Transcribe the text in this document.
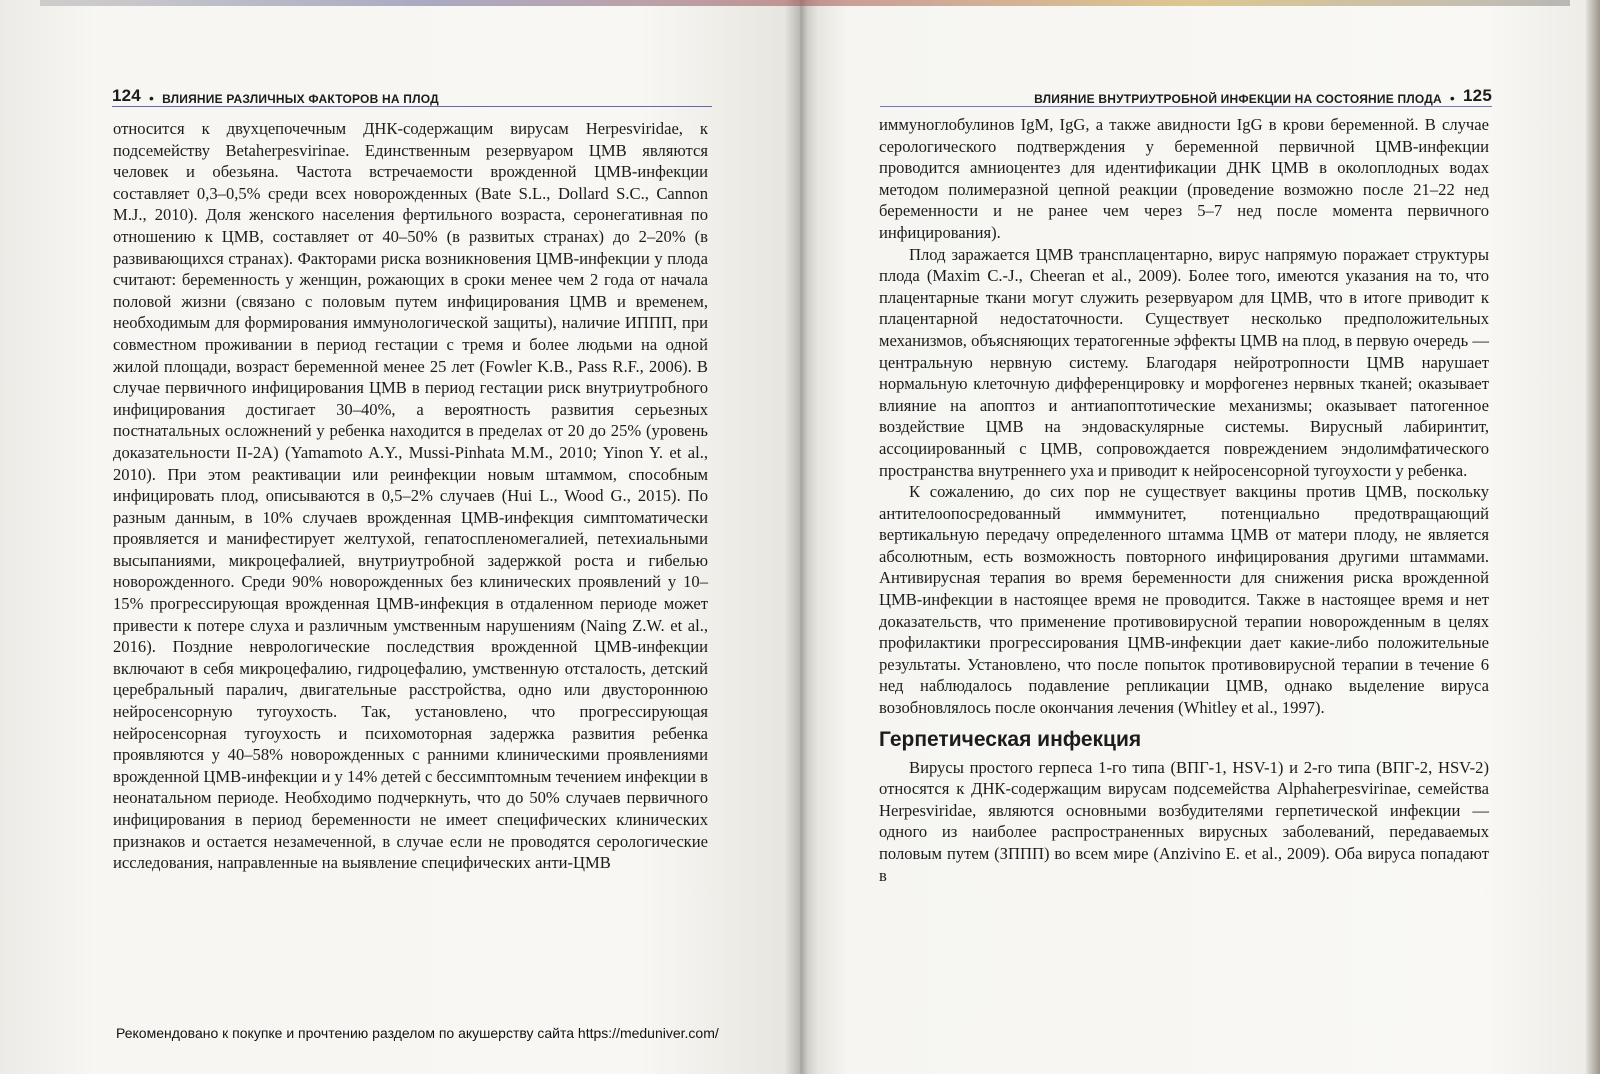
124 • ВЛИЯНИЕ РАЗЛИЧНЫХ ФАКТОРОВ НА ПЛОД	ВЛИЯНИЕ ВНУТРИУТРОБНОЙ ИНФЕКЦИИ НА СОСТОЯНИЕ ПЛОДА • 125

относится к двухцепочечным ДНК-содержащим вирусам Herpesviridae, к подсемейству Betaherpesvirinae. Единственным резервуаром ЦМВ являются человек и обезьяна. Частота встречаемости врожденной ЦМВ-инфекции составляет 0,3–0,5% среди всех новорожденных (Bate S.L., Dollard S.C., Cannon M.J., 2010). Доля женского населения фертильного возраста, серонегативная по отношению к ЦМВ, составляет от 40–50% (в развитых странах) до 2–20% (в развивающихся странах). Факторами риска возникновения ЦМВ-инфекции у плода считают: беременность у женщин, рожающих в сроки менее чем 2 года от начала половой жизни (связано с половым путем инфицирования ЦМВ и временем, необходимым для формирования иммунологической защиты), наличие ИППП, при совместном проживании в период гестации с тремя и более людьми на одной жилой площади, возраст беременной менее 25 лет (Fowler K.B., Pass R.F., 2006). В случае первичного инфицирования ЦМВ в период гестации риск внутриутробного инфицирования достигает 30–40%, а вероятность развития серьезных постнатальных осложнений у ребенка находится в пределах от 20 до 25% (уровень доказательности II-2A) (Yamamoto A.Y., Mussi-Pinhata M.M., 2010; Yinon Y. et al., 2010). При этом реактивации или реинфекции новым штаммом, способным инфицировать плод, описываются в 0,5–2% случаев (Hui L., Wood G., 2015). По разным данным, в 10% случаев врожденная ЦМВ-инфекция симптоматически проявляется и манифестирует желтухой, гепатоспленомегалией, петехиальными высыпаниями, микроцефалией, внутриутробной задержкой роста и гибелью новорожденного. Среди 90% новорожденных без клинических проявлений у 10–15% прогрессирующая врожденная ЦМВ-инфекция в отдаленном периоде может привести к потере слуха и различным умственным нарушениям (Naing Z.W. et al., 2016). Поздние неврологические последствия врожденной ЦМВ-инфекции включают в себя микроцефалию, гидроцефалию, умственную отсталость, детский церебральный паралич, двигательные расстройства, одно или двустороннюю нейросенсорную тугоухость. Так, установлено, что прогрессирующая нейросенсорная тугоухость и психомоторная задержка развития ребенка проявляются у 40–58% новорожденных с ранними клиническими проявлениями врожденной ЦМВ-инфекции и у 14% детей с бессимптомным течением инфекции в неонатальном периоде. Необходимо подчеркнуть, что до 50% случаев первичного инфицирования в период беременности не имеет специфических клинических признаков и остается незамеченной, в случае если не проводятся серологические исследования, направленные на выявление специфических анти-ЦМВ

иммуноглобулинов IgM, IgG, а также авидности IgG в крови беременной. В случае серологического подтверждения у беременной первичной ЦМВ-инфекции проводится амниоцентез для идентификации ДНК ЦМВ в околоплодных водах методом полимеразной цепной реакции (проведение возможно после 21–22 нед беременности и не ранее чем через 5–7 нед после момента первичного инфицирования).

Плод заражается ЦМВ трансплацентарно, вирус напрямую поражает структуры плода (Maxim C.-J., Cheeran et al., 2009). Более того, имеются указания на то, что плацентарные ткани могут служить резервуаром для ЦМВ, что в итоге приводит к плацентарной недостаточности. Существует несколько предположительных механизмов, объясняющих тератогенные эффекты ЦМВ на плод, в первую очередь — центральную нервную систему. Благодаря нейротропности ЦМВ нарушает нормальную клеточную дифференцировку и морфогенез нервных тканей; оказывает влияние на апоптоз и антиапоптотические механизмы; оказывает патогенное воздействие ЦМВ на эндоваскулярные системы. Вирусный лабиринтит, ассоциированный с ЦМВ, сопровождается повреждением эндолимфатического пространства внутреннего уха и приводит к нейросенсорной тугоухости у ребенка.

К сожалению, до сих пор не существует вакцины против ЦМВ, поскольку антителоопосредованный имммунитет, потенциально предотвращающий вертикальную передачу определенного штамма ЦМВ от матери плоду, не является абсолютным, есть возможность повторного инфицирования другими штаммами. Антивирусная терапия во время беременности для снижения риска врожденной ЦМВ-инфекции в настоящее время не проводится. Также в настоящее время и нет доказательств, что применение противовирусной терапии новорожденным в целях профилактики прогрессирования ЦМВ-инфекции дает какие-либо положительные результаты. Установлено, что после попыток противовирусной терапии в течение 6 нед наблюдалось подавление репликации ЦМВ, однако выделение вируса возобновлялось после окончания лечения (Whitley et al., 1997).

Герпетическая инфекция

Вирусы простого герпеса 1-го типа (ВПГ-1, HSV-1) и 2-го типа (ВПГ-2, HSV-2) относятся к ДНК-содержащим вирусам подсемейства Alphaherpesvirinae, семейства Herpesviridae, являются основными возбудителями герпетической инфекции — одного из наиболее распространенных вирусных заболеваний, передаваемых половым путем (ЗППП) во всем мире (Anzivino E. et al., 2009). Оба вируса попадают в

Рекомендовано к покупке и прочтению разделом по акушерству сайта https://meduniver.com/
